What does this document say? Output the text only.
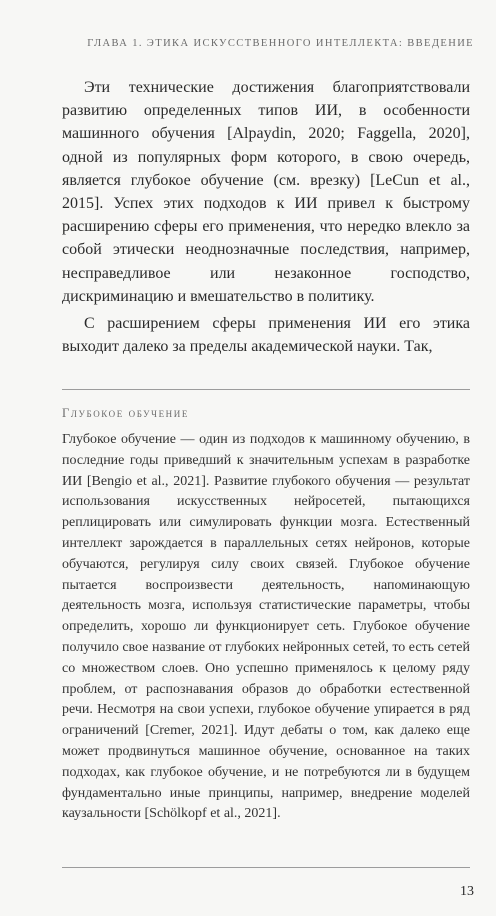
ГЛАВА 1. ЭТИКА ИСКУССТВЕННОГО ИНТЕЛЛЕКТА: ВВЕДЕНИЕ

Эти технические достижения благоприятствовали развитию определенных типов ИИ, в особенности машинного обучения [Alpaydin, 2020; Faggella, 2020], одной из популярных форм которого, в свою очередь, является глубокое обучение (см. врезку) [LeCun et al., 2015]. Успех этих подходов к ИИ привел к быстрому расширению сферы его применения, что нередко влекло за собой этически неоднозначные последствия, например, несправедливое или незаконное господство, дискриминацию и вмешательство в политику.

С расширением сферы применения ИИ его этика выходит далеко за пределы академической науки. Так,

Глубокое обучение

Глубокое обучение — один из подходов к машинному обучению, в последние годы приведший к значительным успехам в разработке ИИ [Bengio et al., 2021]. Развитие глубокого обучения — результат использования искусственных нейросетей, пытающихся реплицировать или симулировать функции мозга. Естественный интеллект зарождается в параллельных сетях нейронов, которые обучаются, регулируя силу своих связей. Глубокое обучение пытается воспроизвести деятельность, напоминающую деятельность мозга, используя статистические параметры, чтобы определить, хорошо ли функционирует сеть. Глубокое обучение получило свое название от глубоких нейронных сетей, то есть сетей со множеством слоев. Оно успешно применялось к целому ряду проблем, от распознавания образов до обработки естественной речи. Несмотря на свои успехи, глубокое обучение упирается в ряд ограничений [Cremer, 2021]. Идут дебаты о том, как далеко еще может продвинуться машинное обучение, основанное на таких подходах, как глубокое обучение, и не потребуются ли в будущем фундаментально иные принципы, например, внедрение моделей каузальности [Schölkopf et al., 2021].

13
